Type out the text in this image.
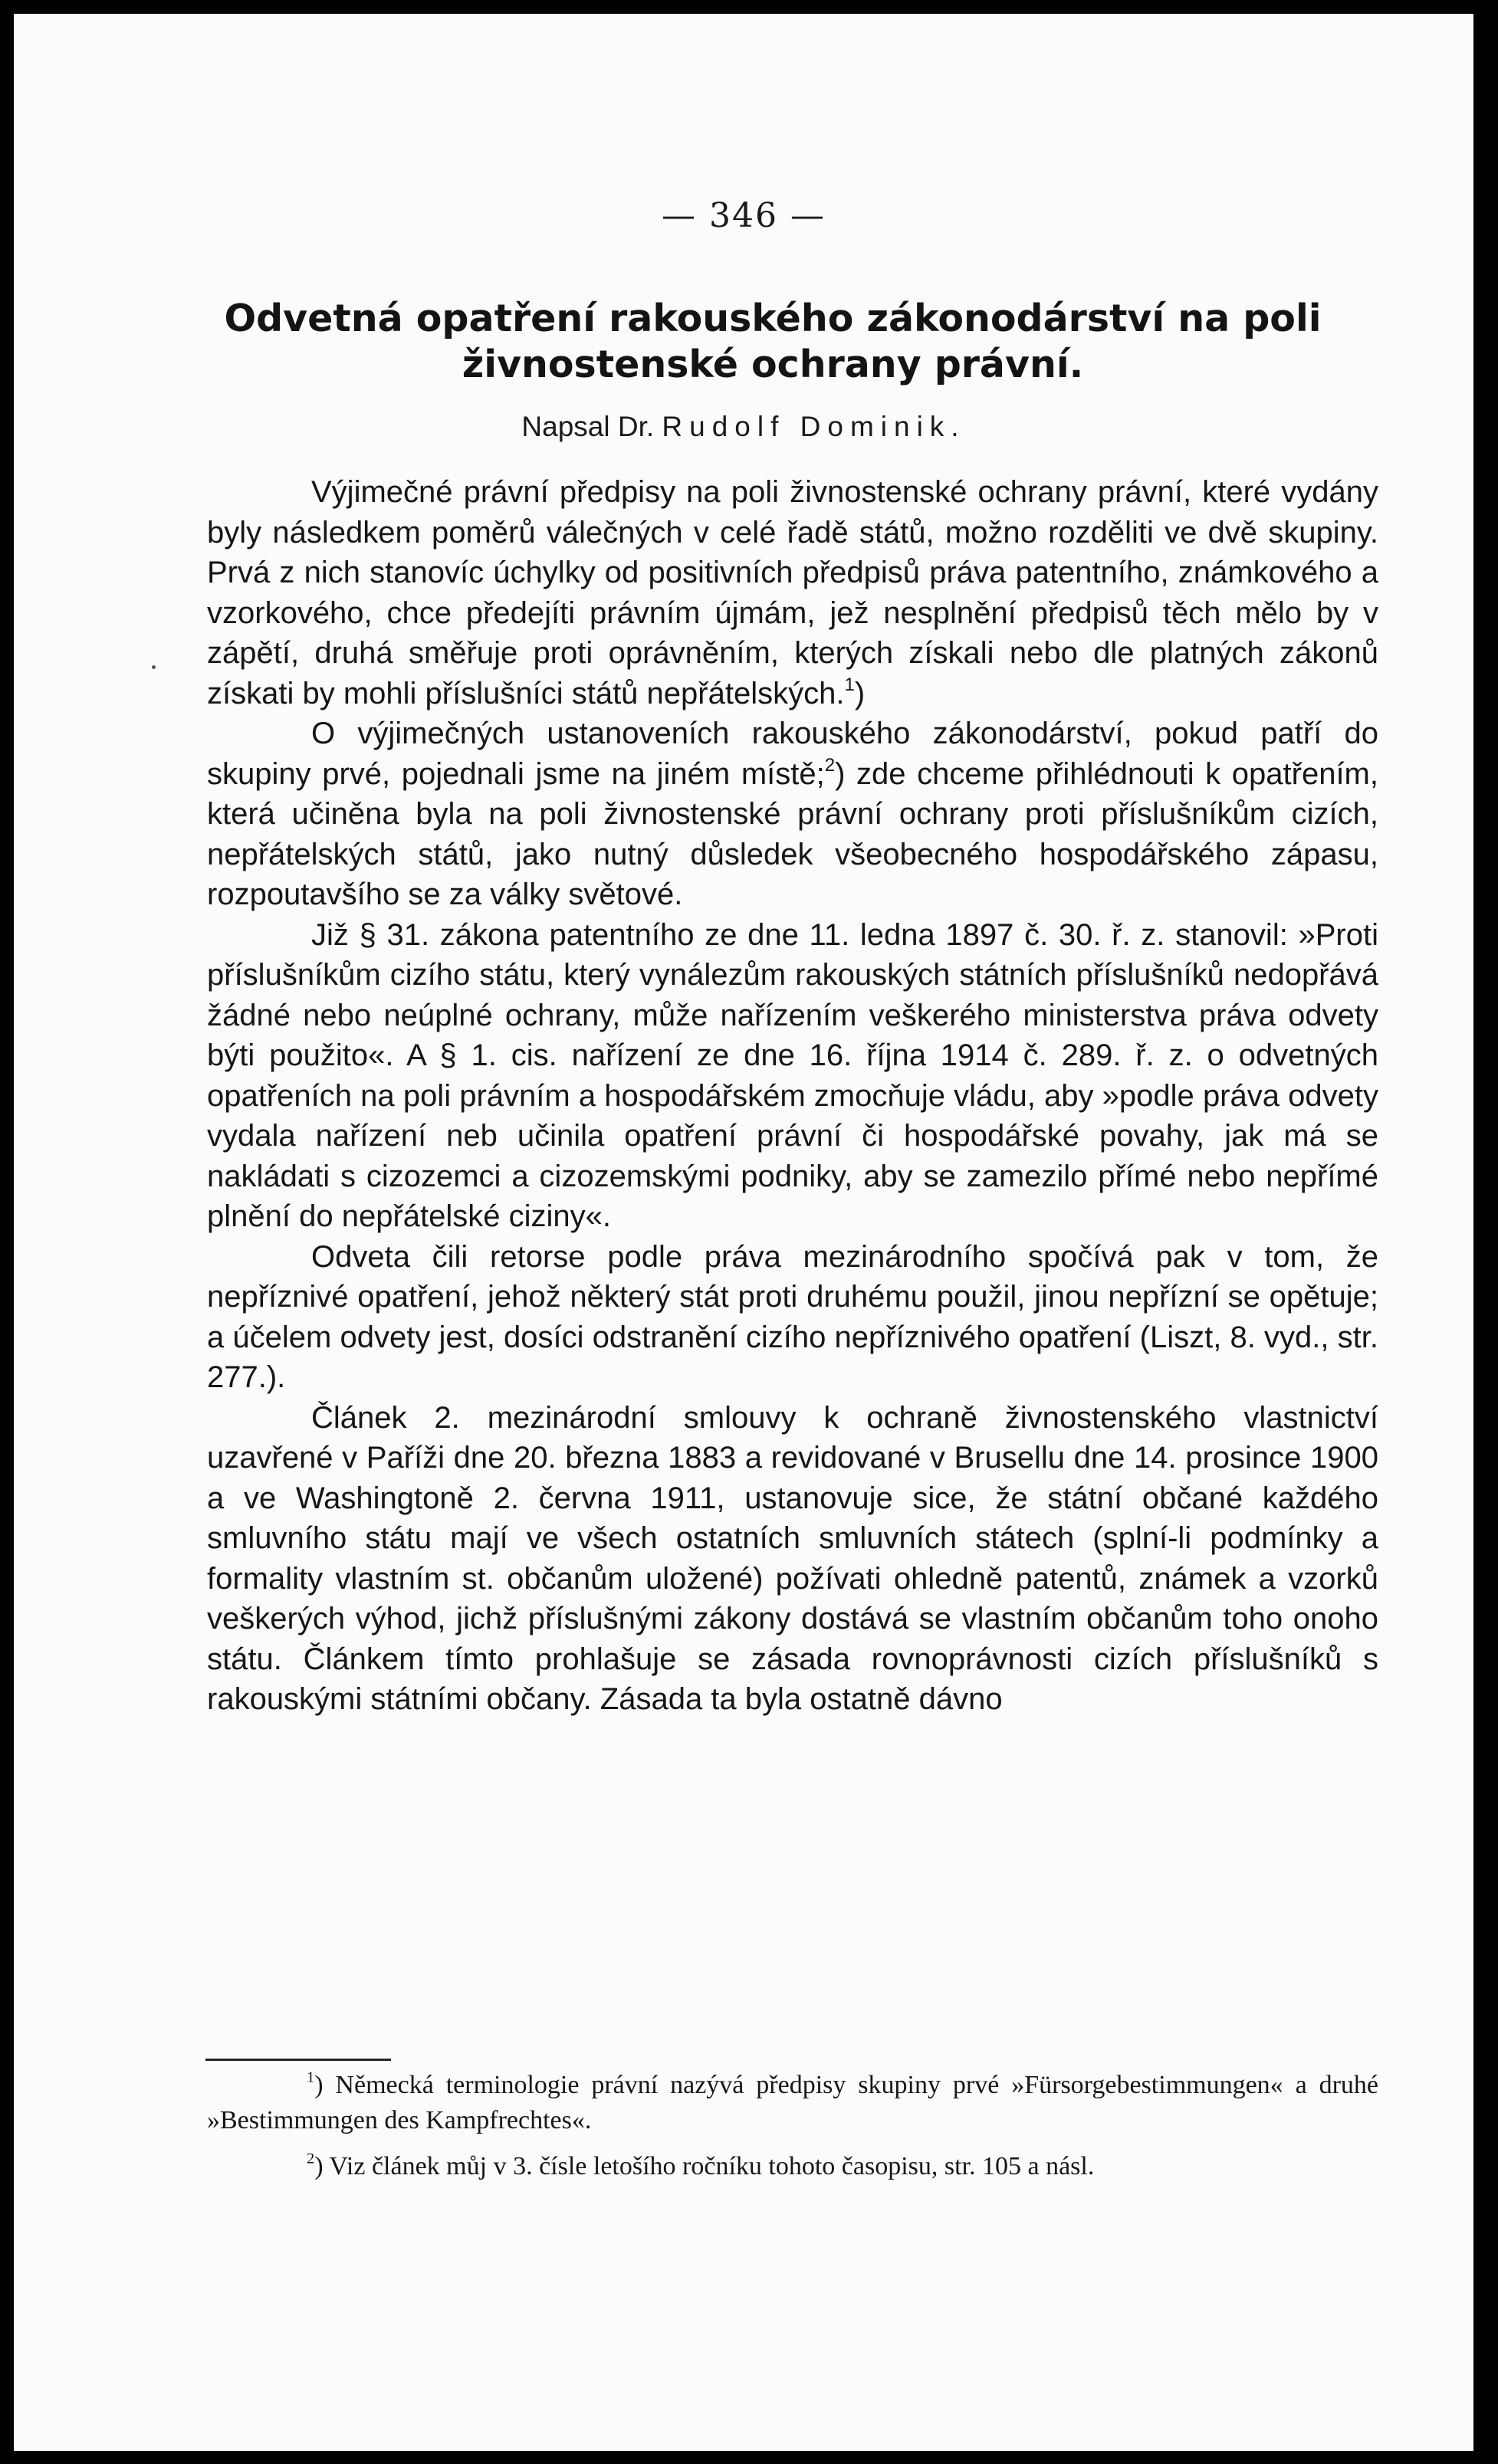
— 346 —
Odvetná opatření rakouského zákonodárství na poli živnostenské ochrany právní.
Napsal Dr. Rudolf Dominik.

Výjimečné právní předpisy na poli živnostenské ochrany právní, které vydány byly následkem poměrů válečných v celé řadě států, možno rozděliti ve dvě skupiny. Prvá z nich stanovíc úchylky od positivních předpisů práva patentního, známkového a vzorkového, chce předejíti právním újmám, jež nesplnění předpisů těch mělo by v zápětí, druhá směřuje proti oprávněním, kterých získali nebo dle platných zákonů získati by mohli příslušníci států nepřátelských.$^1$)

O výjimečných ustanoveních rakouského zákonodárství, pokud patří do skupiny prvé, pojednali jsme na jiném místě;$^2$) zde chceme přihlédnouti k opatřením, která učiněna byla na poli živnostenské právní ochrany proti příslušníkům cizích, nepřátelských států, jako nutný důsledek všeobecného hospodářského zápasu, rozpoutavšího se za války světové.

Již § 31. zákona patentního ze dne 11. ledna 1897 č. 30. ř. z. stanovil: »Proti příslušníkům cizího státu, který vynálezům rakouských státních příslušníků nedopřává žádné nebo neúplné ochrany, může nařízením veškerého ministerstva práva odvety býti použito«. A § 1. cis. nařízení ze dne 16. října 1914 č. 289. ř. z. o odvetných opatřeních na poli právním a hospodářském zmocňuje vládu, aby »podle práva odvety vydala nařízení neb učinila opatření právní či hospodářské povahy, jak má se nakládati s cizozemci a cizozemskými podniky, aby se zamezilo přímé nebo nepřímé plnění do nepřátelské ciziny«.

Odveta čili retorse podle práva mezinárodního spočívá pak v tom, že nepříznivé opatření, jehož některý stát proti druhému použil, jinou nepřízní se opětuje; a účelem odvety jest, dosíci odstranění cizího nepříznivého opatření (Liszt, 8. vyd., str. 277.).

Článek 2. mezinárodní smlouvy k ochraně živnostenského vlastnictví uzavřené v Paříži dne 20. března 1883 a revidované v Brusellu dne 14. prosince 1900 a ve Washingtoně 2. června 1911, ustanovuje sice, že státní občané každého smluvního státu mají ve všech ostatních smluvních státech (splní-li podmínky a formality vlastním st. občanům uložené) požívati ohledně patentů, známek a vzorků veškerých výhod, jichž příslušnými zákony dostává se vlastním občanům toho onoho státu. Článkem tímto prohlašuje se zásada rovnoprávnosti cizích příslušníků s rakouskými státními občany. Zásada ta byla ostatně dávno

$^1$) Německá terminologie právní nazývá předpisy skupiny prvé »Fürsorgebestimmungen« a druhé »Bestimmungen des Kampfrechtes«.

$^2$) Viz článek můj v 3. čísle letošího ročníku tohoto časopisu, str. 105 a násl.
